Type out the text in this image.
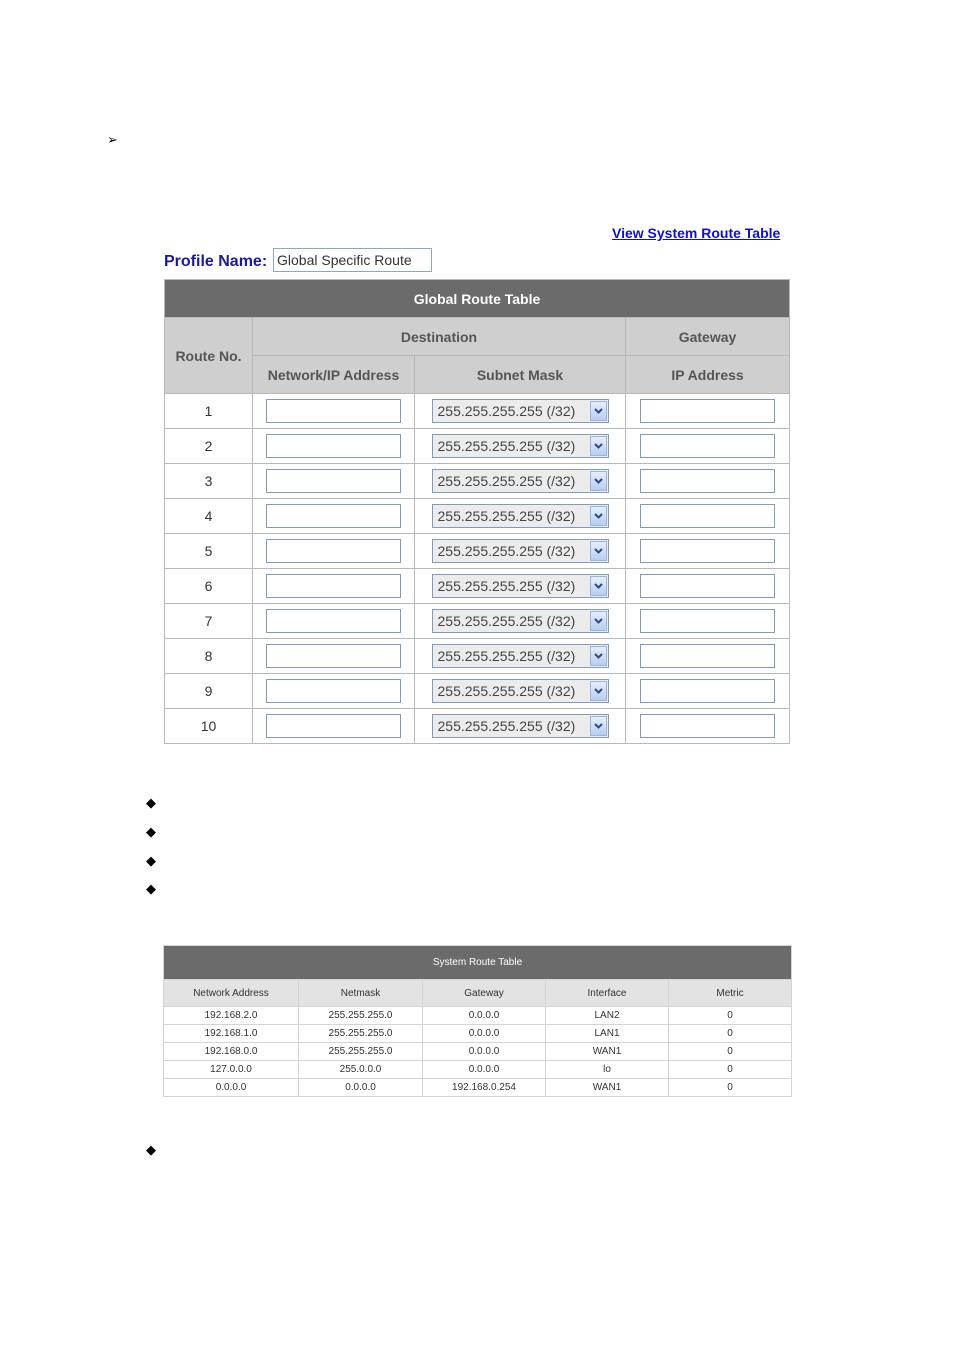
➢
View System Route Table
Profile Name:
Global Specific Route
Global Route Table			
Route No.	Destination		Gateway
	Network/IP Address	Subnet Mask	IP Address
1		255.255.255.255 (/32)

2		255.255.255.255 (/32)

3		255.255.255.255 (/32)

4		255.255.255.255 (/32)

5		255.255.255.255 (/32)

6		255.255.255.255 (/32)

7		255.255.255.255 (/32)

8		255.255.255.255 (/32)

9		255.255.255.255 (/32)

10		255.255.255.255 (/32)

◆
◆
◆
◆
System Route Table				
Network Address	Netmask	Gateway	Interface	Metric
192.168.2.0	255.255.255.0	0.0.0.0	LAN2	0
192.168.1.0	255.255.255.0	0.0.0.0	LAN1	0
192.168.0.0	255.255.255.0	0.0.0.0	WAN1	0
127.0.0.0	255.0.0.0	0.0.0.0	lo	0
0.0.0.0	0.0.0.0	192.168.0.254	WAN1	0
◆
